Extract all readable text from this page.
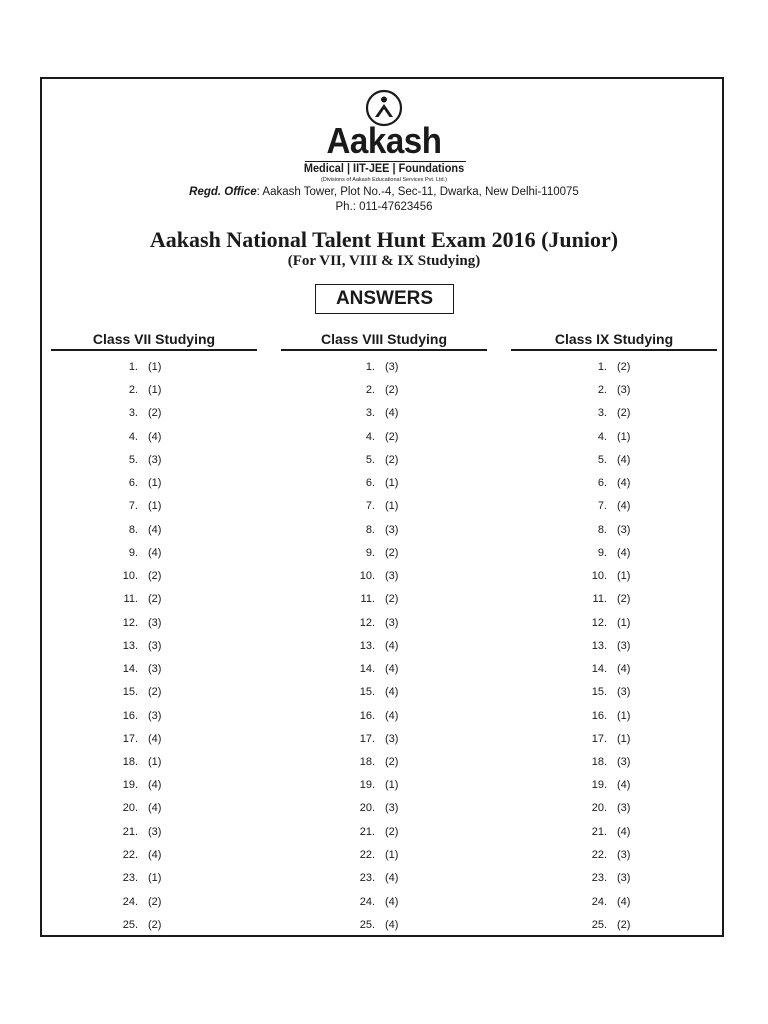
Aakash
Medical | IIT-JEE | Foundations
(Divisions of Aakash Educational Services Pvt. Ltd.)
Regd. Office: Aakash Tower, Plot No.-4, Sec-11, Dwarka, New Delhi-110075
Ph.: 011-47623456
Aakash National Talent Hunt Exam 2016 (Junior)
(For VII, VIII & IX Studying)
ANSWERS
Class VII Studying
1. (1)
2. (1)
3. (2)
4. (4)
5. (3)
6. (1)
7. (1)
8. (4)
9. (4)
10. (2)
11. (2)
12. (3)
13. (3)
14. (3)
15. (2)
16. (3)
17. (4)
18. (1)
19. (4)
20. (4)
21. (3)
22. (4)
23. (1)
24. (2)
25. (2)
Class VIII Studying
1. (3)
2. (2)
3. (4)
4. (2)
5. (2)
6. (1)
7. (1)
8. (3)
9. (2)
10. (3)
11. (2)
12. (3)
13. (4)
14. (4)
15. (4)
16. (4)
17. (3)
18. (2)
19. (1)
20. (3)
21. (2)
22. (1)
23. (4)
24. (4)
25. (4)
Class IX Studying
1. (2)
2. (3)
3. (2)
4. (1)
5. (4)
6. (4)
7. (4)
8. (3)
9. (4)
10. (1)
11. (2)
12. (1)
13. (3)
14. (4)
15. (3)
16. (1)
17. (1)
18. (3)
19. (4)
20. (3)
21. (4)
22. (3)
23. (3)
24. (4)
25. (2)
